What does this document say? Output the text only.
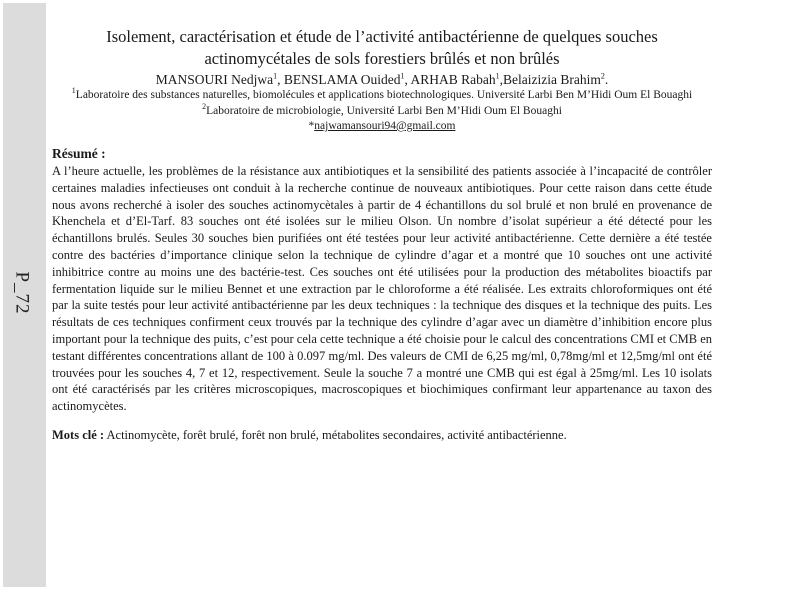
P_72
Isolement, caractérisation et étude de l’activité antibactérienne de quelques souches actinomycétales de sols forestiers brûlés et non brûlés
MANSOURI Nedjwa$^1$, BENSLAMA Ouided$^1$, ARHAB Rabah$^1$,Belaizizia Brahim$^2$.
$^1$Laboratoire des substances naturelles, biomolécules et applications biotechnologiques. Université Larbi Ben M’Hidi Oum El Bouaghi
$^2$Laboratoire de microbiologie, Université Larbi Ben M’Hidi Oum El Bouaghi
*najwamansouri94@gmail.com
Résumé :
A l’heure actuelle, les problèmes de la résistance aux antibiotiques et la sensibilité des patients associée à l’incapacité de contrôler certaines maladies infectieuses ont conduit à la recherche continue de nouveaux antibiotiques. Pour cette raison dans cette étude nous avons recherché à isoler des souches actinomycètales à partir de 4 échantillons du sol brulé et non brulé en provenance de Khenchela et d’El-Tarf. 83 souches ont été isolées sur le milieu Olson. Un nombre d’isolat supérieur a été détecté pour les échantillons brulés. Seules 30 souches bien purifiées ont été testées pour leur activité antibactérienne. Cette dernière a été testée contre des bactéries d’importance clinique selon la technique de cylindre d’agar et a montré que 10 souches ont une activité inhibitrice contre au moins une des bactérie-test. Ces souches ont été utilisées pour la production des métabolites bioactifs par fermentation liquide sur le milieu Bennet et une extraction par le chloroforme a été réalisée. Les extraits chloroformiques ont été par la suite testés pour leur activité antibactérienne par les deux techniques : la technique des disques et la technique des puits. Les résultats de ces techniques confirment ceux trouvés par la technique des cylindre d’agar avec un diamètre d’inhibition encore plus important pour la technique des puits, c’est pour cela cette technique a été choisie pour le calcul des concentrations CMI et CMB en testant différentes concentrations allant de 100 à 0.097 mg/ml. Des valeurs de CMI de 6,25 mg/ml, 0,78mg/ml et 12,5mg/ml ont été trouvées pour les souches 4, 7 et 12, respectivement. Seule la souche 7 a montré une CMB qui est égal à 25mg/ml. Les 10 isolats ont été caractérisés par les critères microscopiques, macroscopiques et biochimiques confirmant leur appartenance au taxon des actinomycètes.
Mots clé : Actinomycète, forêt brulé, forêt non brulé, métabolites secondaires, activité antibactérienne.
